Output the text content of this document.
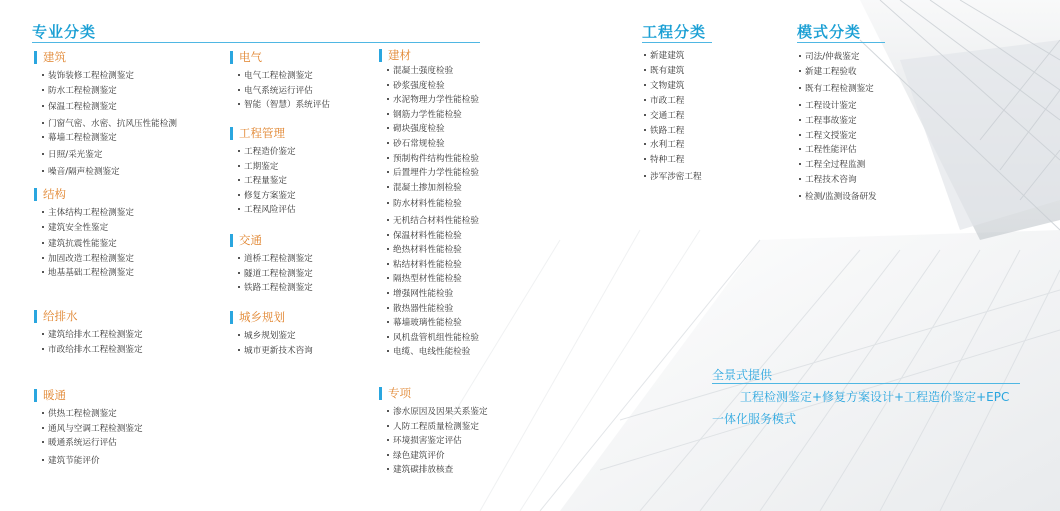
专业分类	工程分类	模式分类
建筑
装饰装修工程检测鉴定
防水工程检测鉴定
保温工程检测鉴定
门窗气密、水密、抗风压性能检测
幕墙工程检测鉴定
日照/采光鉴定
噪音/隔声检测鉴定
结构
主体结构工程检测鉴定
建筑安全性鉴定
建筑抗震性能鉴定
加固改造工程检测鉴定
地基基础工程检测鉴定
给排水
建筑给排水工程检测鉴定
市政给排水工程检测鉴定
暖通
供热工程检测鉴定
通风与空调工程检测鉴定
暖通系统运行评估
建筑节能评价
电气
电气工程检测鉴定
电气系统运行评估
智能（智慧）系统评估
工程管理
工程造价鉴定
工期鉴定
工程量鉴定
修复方案鉴定
工程风险评估
交通
道桥工程检测鉴定
隧道工程检测鉴定
铁路工程检测鉴定
城乡规划
城乡规划鉴定
城市更新技术咨询
建材
混凝土强度检验
砂浆强度检验
水泥物理力学性能检验
钢筋力学性能检验
砌块强度检验
砂石常规检验
预制构件结构性能检验
后置埋件力学性能检验
混凝土掺加剂检验
防水材料性能检验
无机结合材料性能检验
保温材料性能检验
绝热材料性能检验
粘结材料性能检验
隔热型材性能检验
增强网性能检验
散热器性能检验
幕墙玻璃性能检验
风机盘管机组性能检验
电缆、电线性能检验
专项
渗水原因及因果关系鉴定
人防工程质量检测鉴定
环境损害鉴定评估
绿色建筑评价
建筑碳排放核查
新建建筑
既有建筑
文物建筑
市政工程
交通工程
铁路工程
水利工程
特种工程
涉军涉密工程
司法/仲裁鉴定
新建工程验收
既有工程检测鉴定
工程设计鉴定
工程事故鉴定
工程文授鉴定
工程性能评估
工程全过程监测
工程技术咨询
检测/监测设备研发
全景式提供
工程检测鉴定+修复方案设计+工程造价鉴定+EPC
一体化服务模式
